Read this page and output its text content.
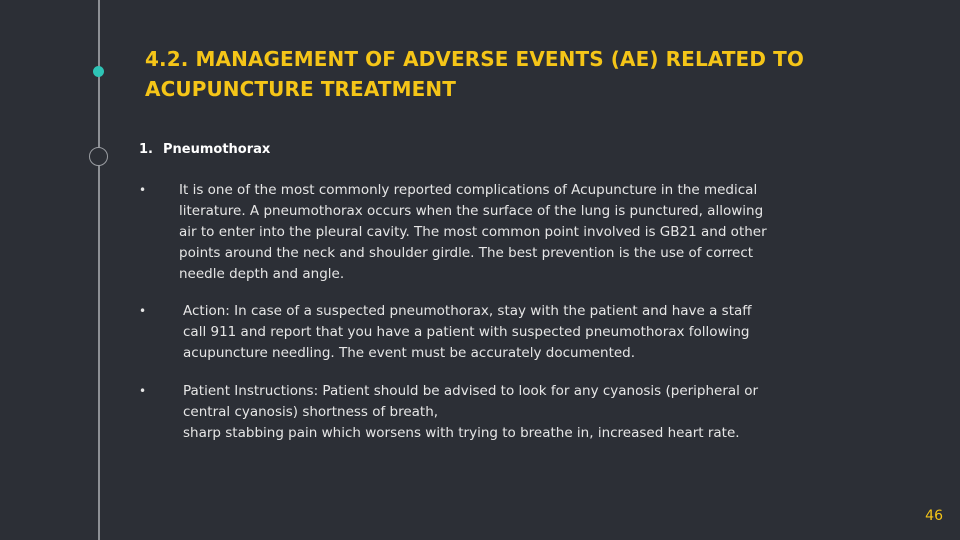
4.2. MANAGEMENT OF ADVERSE EVENTS (AE) RELATED TO
ACUPUNCTURE TREATMENT
1. Pneumothorax
• It is one of the most commonly reported complications of Acupuncture in the medical
literature. A pneumothorax occurs when the surface of the lung is punctured, allowing
air to enter into the pleural cavity. The most common point involved is GB21 and other
points around the neck and shoulder girdle. The best prevention is the use of correct
needle depth and angle.
•	Action: In case of a suspected pneumothorax, stay with the patient and have a staff
call 911 and report that you have a patient with suspected pneumothorax following
acupuncture needling. The event must be accurately documented.
•	Patient Instructions: Patient should be advised to look for any cyanosis (peripheral or
central cyanosis) shortness of breath,
sharp stabbing pain which worsens with trying to breathe in, increased heart rate.
46
